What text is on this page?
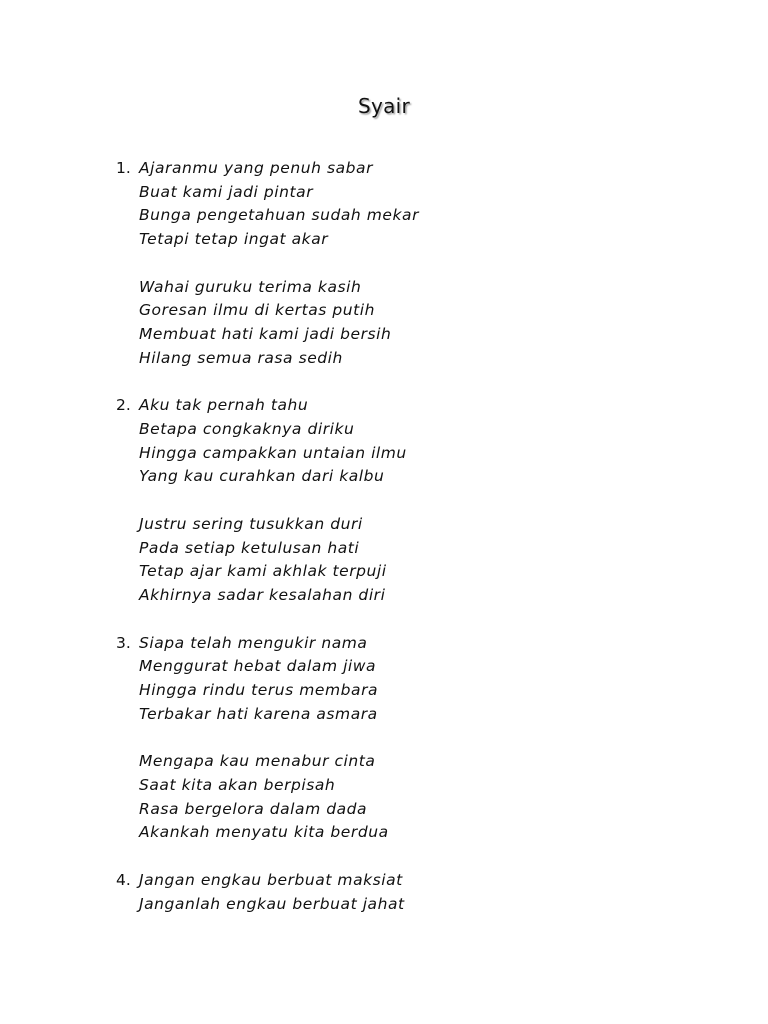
Syair
1. Ajaranmu yang penuh sabar
Buat kami jadi pintar
Bunga pengetahuan sudah mekar
Tetapi tetap ingat akar
Wahai guruku terima kasih
Goresan ilmu di kertas putih
Membuat hati kami jadi bersih
Hilang semua rasa sedih
2. Aku tak pernah tahu
Betapa congkaknya diriku
Hingga campakkan untaian ilmu
Yang kau curahkan dari kalbu
Justru sering tusukkan duri
Pada setiap ketulusan hati
Tetap ajar kami akhlak terpuji
Akhirnya sadar kesalahan diri
3. Siapa telah mengukir nama
Menggurat hebat dalam jiwa
Hingga rindu terus membara
Terbakar hati karena asmara
Mengapa kau menabur cinta
Saat kita akan berpisah
Rasa bergelora dalam dada
Akankah menyatu kita berdua
4. Jangan engkau berbuat maksiat
Janganlah engkau berbuat jahat
